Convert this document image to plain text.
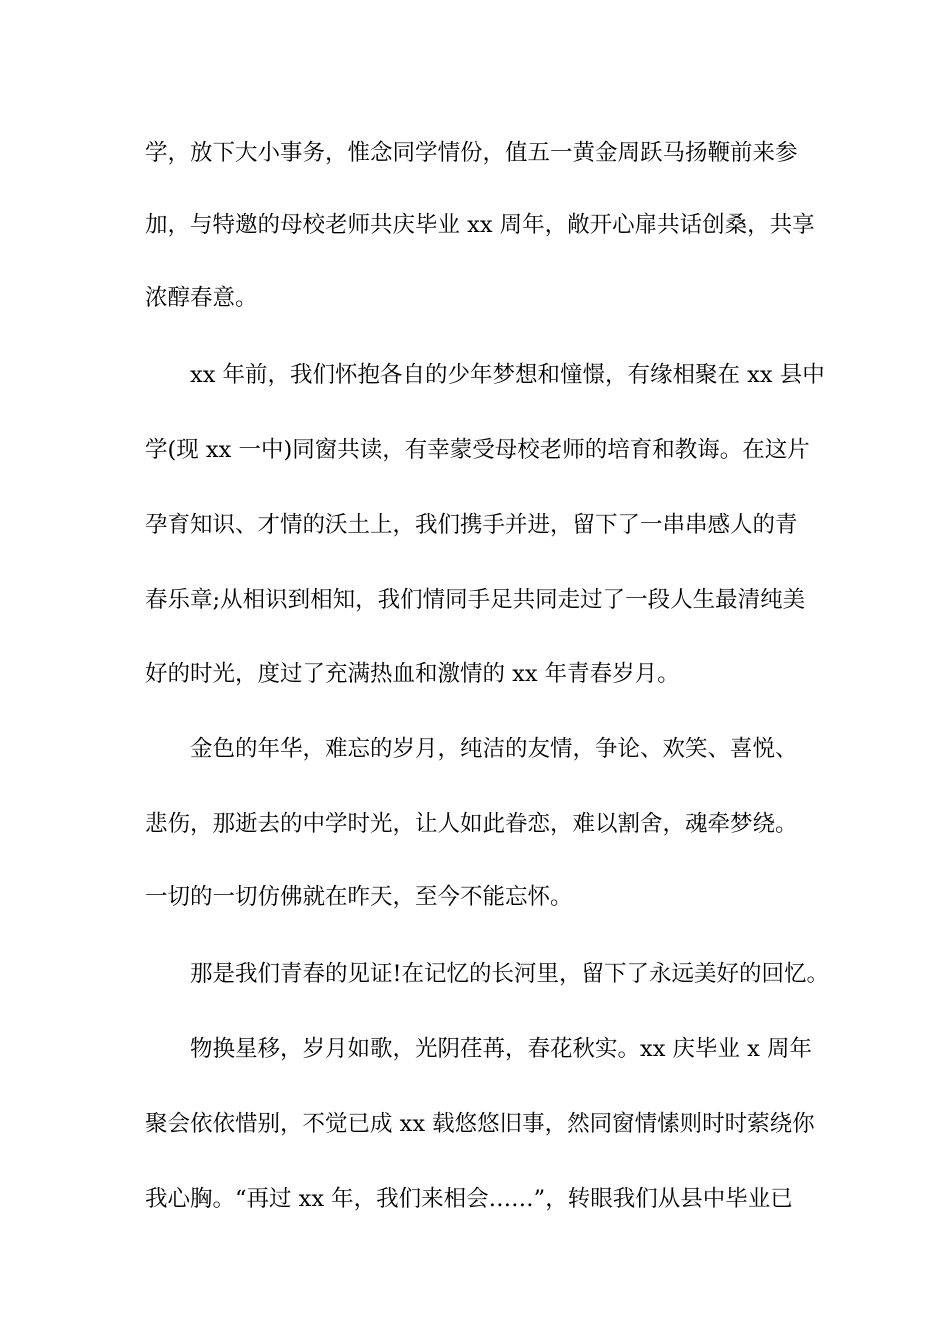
学，放下大小事务，惟念同学情份，值五一黄金周跃马扬鞭前来参
加，与特邀的母校老师共庆毕业 xx 周年，敞开心扉共话创桑，共享
浓醇春意。
xx 年前，我们怀抱各自的少年梦想和憧憬，有缘相聚在 xx 县中
学(现 xx 一中)同窗共读，有幸蒙受母校老师的培育和教诲。在这片
孕育知识、才情的沃土上，我们携手并进，留下了一串串感人的青
春乐章;从相识到相知，我们情同手足共同走过了一段人生最清纯美
好的时光，度过了充满热血和激情的 xx 年青春岁月。
金色的年华，难忘的岁月，纯洁的友情，争论、欢笑、喜悦、
悲伤，那逝去的中学时光，让人如此眷恋，难以割舍，魂牵梦绕。
一切的一切仿佛就在昨天，至今不能忘怀。
那是我们青春的见证!在记忆的长河里，留下了永远美好的回忆。
物换星移，岁月如歌，光阴荏苒，春花秋实。xx 庆毕业 x 周年
聚会依依惜别，不觉已成 xx 载悠悠旧事，然同窗情愫则时时萦绕你
我心胸。“再过 xx 年，我们来相会……”，转眼我们从县中毕业已
